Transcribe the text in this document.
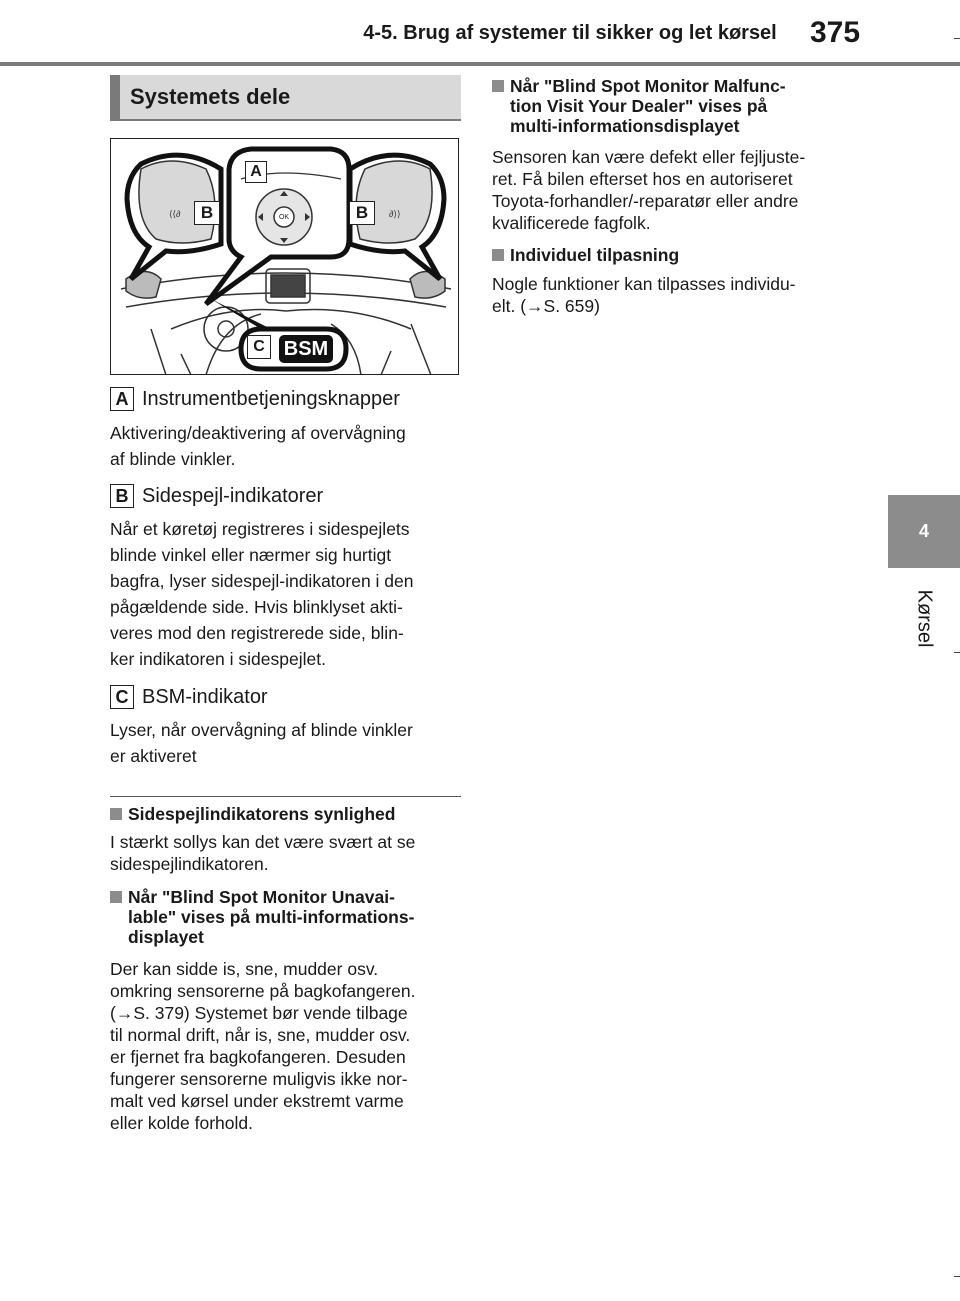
4-5. Brug af systemer til sikker og let kørsel 375
4
Kørsel
Systemets dele
⟨⟨∂	∂⟩⟩
A
B	B
C BSM
OK
A Instrumentbetjeningsknapper
Aktivering/deaktivering af overvågning
af blinde vinkler.
B Sidespejl-indikatorer
Når et køretøj registreres i sidespejlets
blinde vinkel eller nærmer sig hurtigt
bagfra, lyser sidespejl-indikatoren i den
pågældende side. Hvis blinklyset akti-
veres mod den registrerede side, blin-
ker indikatoren i sidespejlet.
C BSM-indikator
Lyser, når overvågning af blinde vinkler
er aktiveret
Sidespejlindikatorens synlighed
I stærkt sollys kan det være svært at se
sidespejlindikatoren.
Når "Blind Spot Monitor Unavai-
lable" vises på multi-informations-
displayet
Der kan sidde is, sne, mudder osv.
omkring sensorerne på bagkofangeren.
(→S. 379) Systemet bør vende tilbage
til normal drift, når is, sne, mudder osv.
er fjernet fra bagkofangeren. Desuden
fungerer sensorerne muligvis ikke nor-
malt ved kørsel under ekstremt varme
eller kolde forhold.
Når "Blind Spot Monitor Malfunc-
tion Visit Your Dealer" vises på
multi-informationsdisplayet
Sensoren kan være defekt eller fejljuste-
ret. Få bilen efterset hos en autoriseret
Toyota-forhandler/-reparatør eller andre
kvalificerede fagfolk.
Individuel tilpasning
Nogle funktioner kan tilpasses individu-
elt. (→S. 659)
